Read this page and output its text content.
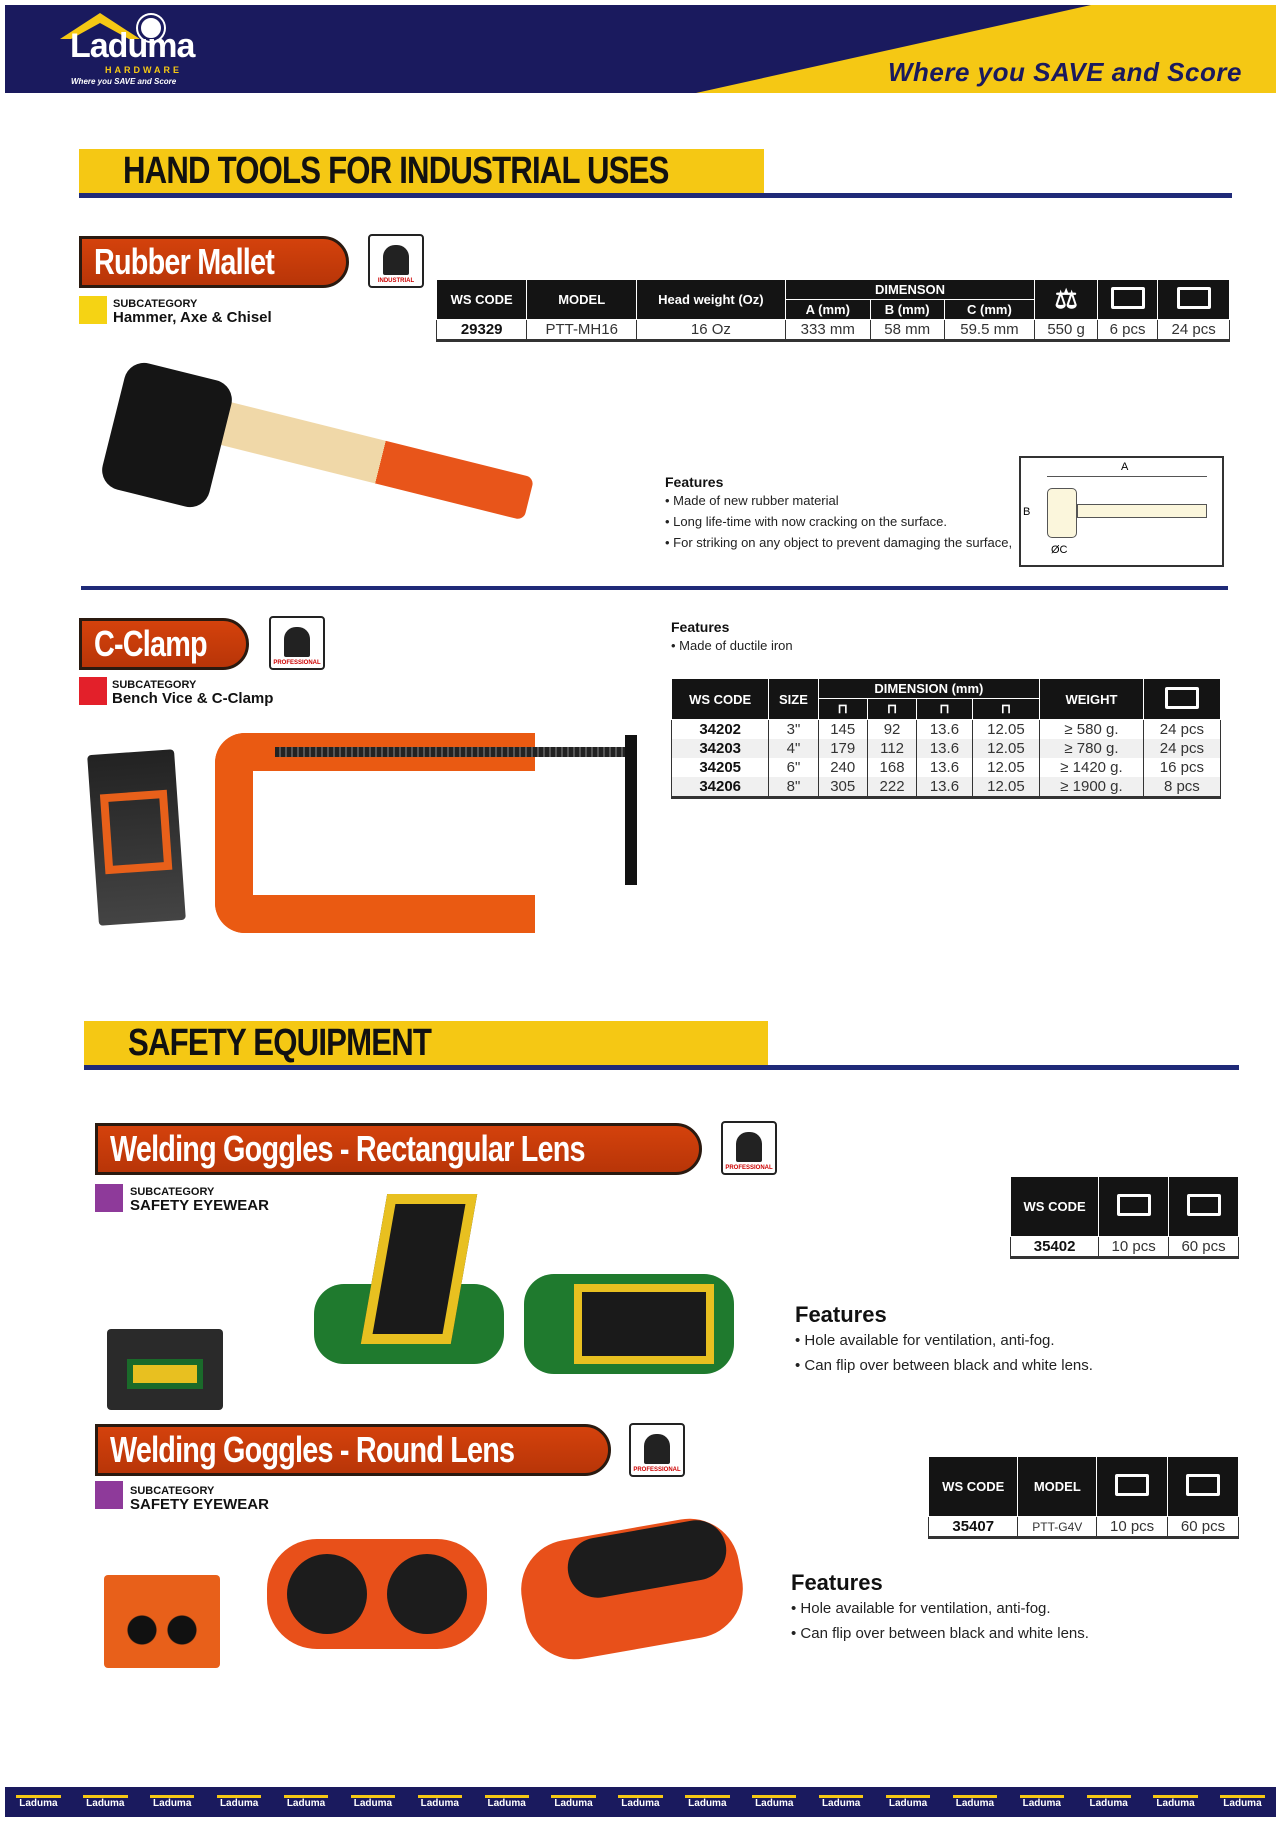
Laduma
HARDWARE
Where you SAVE and Score	Where you SAVE and Score
HAND TOOLS FOR INDUSTRIAL USES
Rubber Mallet	INDUSTRIAL
SUBCATEGORY
Hammer, Axe & Chisel
WS CODE	MODEL	Head weight (Oz)	DIMENSON			⚖		
			A (mm)	B (mm)	C (mm)			
29329	PTT-MH16	16 Oz	333 mm	58 mm	59.5 mm	550 g	6 pcs	24 pcs
Features
• Made of new rubber material
• Long life-time with now cracking on the surface.
• For striking on any object to prevent damaging the surface,
A
B
ØC
C-Clamp	PROFESSIONAL
SUBCATEGORY
Bench Vice & C-Clamp
Features
• Made of ductile iron
WS CODE	SIZE	DIMENSION (mm)				WEIGHT	
		⊓	⊓	⊓	⊓		
34202	3"	145	92	13.6	12.05	≥ 580 g.	24 pcs
34203	4"	179	112	13.6	12.05	≥ 780 g.	24 pcs
34205	6"	240	168	13.6	12.05	≥ 1420 g.	16 pcs
34206	8"	305	222	13.6	12.05	≥ 1900 g.	8 pcs
SAFETY EQUIPMENT
Welding Goggles - Rectangular Lens	PROFESSIONAL
SUBCATEGORY
SAFETY EYEWEAR	WS CODE		
35402	10 pcs	60 pcs
Features
• Hole available for ventilation, anti-fog.
• Can flip over between black and white lens.
Welding Goggles - Round Lens	PROFESSIONAL
SUBCATEGORY
SAFETY EYEWEAR
WS CODE	MODEL		
35407	PTT-G4V	10 pcs	60 pcs
Features
• Hole available for ventilation, anti-fog.
• Can flip over between black and white lens.
Laduma	Laduma	Laduma	Laduma	Laduma	Laduma	Laduma	Laduma	Laduma	Laduma	Laduma	Laduma	Laduma	Laduma	Laduma	Laduma	Laduma	Laduma	Laduma
